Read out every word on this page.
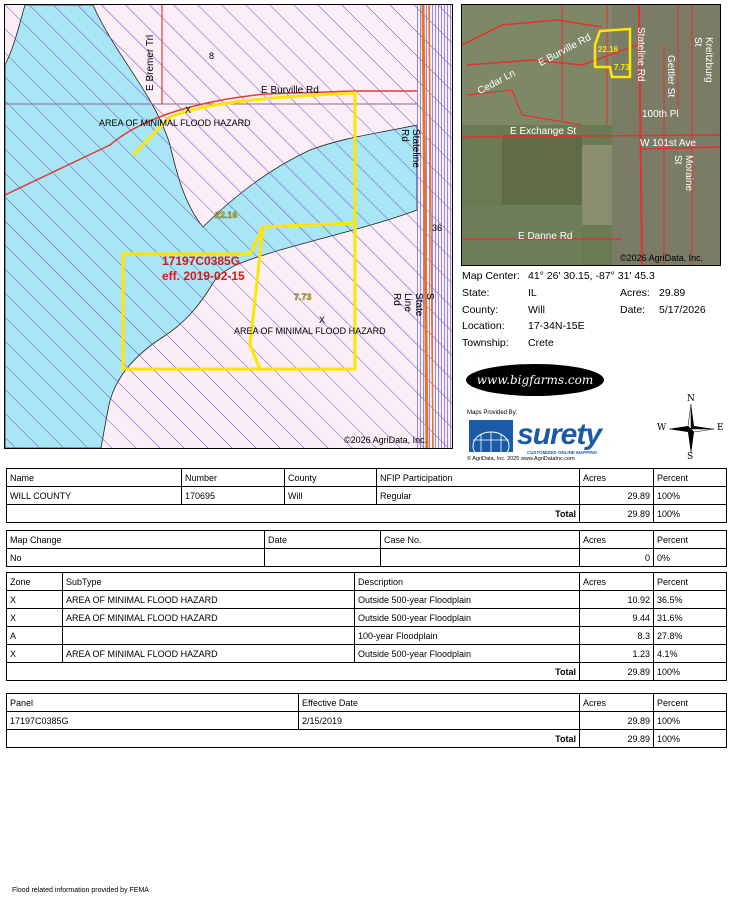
E Bremer Trl	E Burville Rd
Stateline Rd
S State Line Rd
8
36
X
AREA OF MINIMAL FLOOD HAZARD
X
AREA OF MINIMAL FLOOD HAZARD
17197C0385G
eff. 2019-02-15
22.16
7.73
©2026 AgriData, Inc.
Cedar Ln
E Burville Rd
E Exchange St
W 101st Ave
100th Pl
E Danne Rd
Stateline Rd Gettler St	Kreitzburg St
Moraine St
22.16
7.73
©2026 AgriData, Inc.
Map Center: 41° 26' 30.15, -87° 31' 45.3
State:	IL	Acres: 29.89
County:	Will	Date: 5/17/2026
Location: 17-34N-15E
Township: Crete
www.bigfarms.com
Maps Provided By:
surety
CUSTOMIZED ONLINE MAPPING
© AgriData, Inc. 2025 www.AgriDataInc.com
N
S
W	E
Name	Number	County	NFIP Participation	Acres	Percent
WILL COUNTY	170695	Will	Regular	29.89	100%
Total				29.89	100%
Map Change	Date	Case No.	Acres	Percent
No			0	0%
Zone	SubType	Description	Acres	Percent
X	AREA OF MINIMAL FLOOD HAZARD	Outside 500-year Floodplain	10.92	36.5%
X	AREA OF MINIMAL FLOOD HAZARD	Outside 500-year Floodplain	9.44	31.6%
A		100-year Floodplain	8.3	27.8%
X	AREA OF MINIMAL FLOOD HAZARD	Outside 500-year Floodplain	1.23	4.1%
Total			29.89	100%
Panel	Effective Date	Acres	Percent
17197C0385G	2/15/2019	29.89	100%
Total		29.89	100%
Flood related information provided by FEMA
